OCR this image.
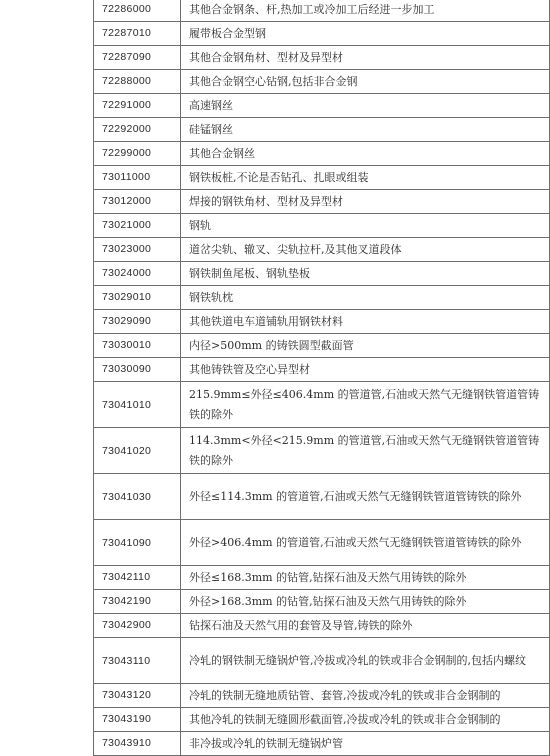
72286000	其他合金钢条、杆,热加工或冷加工后经进一步加工
72287010	履带板合金型钢
72287090	其他合金钢角材、型材及异型材
72288000	其他合金钢空心钻钢,包括非合金钢
72291000	高速钢丝
72292000	硅锰钢丝
72299000	其他合金钢丝
73011000	钢铁板桩,不论是否钻孔、扎眼或组装
73012000	焊接的钢铁角材、型材及异型材
73021000	钢轨
73023000	道岔尖轨、辙叉、尖轨拉杆,及其他叉道段体
73024000	钢铁制鱼尾板、钢轨垫板
73029010	钢铁轨枕
73029090	其他铁道电车道铺轨用钢铁材料
73030010	内径>500mm 的铸铁圆型截面管
73030090	其他铸铁管及空心异型材
73041010	215.9mm≤外径≤406.4mm 的管道管,石油或天然气无缝钢铁管道管铸铁的除外
73041020	114.3mm<外径<215.9mm 的管道管,石油或天然气无缝钢铁管道管铸铁的除外
73041030	外径≤114.3mm 的管道管,石油或天然气无缝钢铁管道管铸铁的除外
73041090	外径>406.4mm 的管道管,石油或天然气无缝钢铁管道管铸铁的除外
73042110	外径≤168.3mm 的钻管,钻探石油及天然气用铸铁的除外
73042190	外径>168.3mm 的钻管,钻探石油及天然气用铸铁的除外
73042900	钻探石油及天然气用的套管及导管,铸铁的除外
73043110	冷轧的钢铁制无缝锅炉管,冷拔或冷轧的铁或非合金钢制的,包括内螺纹
73043120	冷轧的铁制无缝地质钻管、套管,冷拔或冷轧的铁或非合金钢制的
73043190	其他冷轧的铁制无缝圆形截面管,冷拔或冷轧的铁或非合金钢制的
73043910	非冷拔或冷轧的铁制无缝锅炉管
